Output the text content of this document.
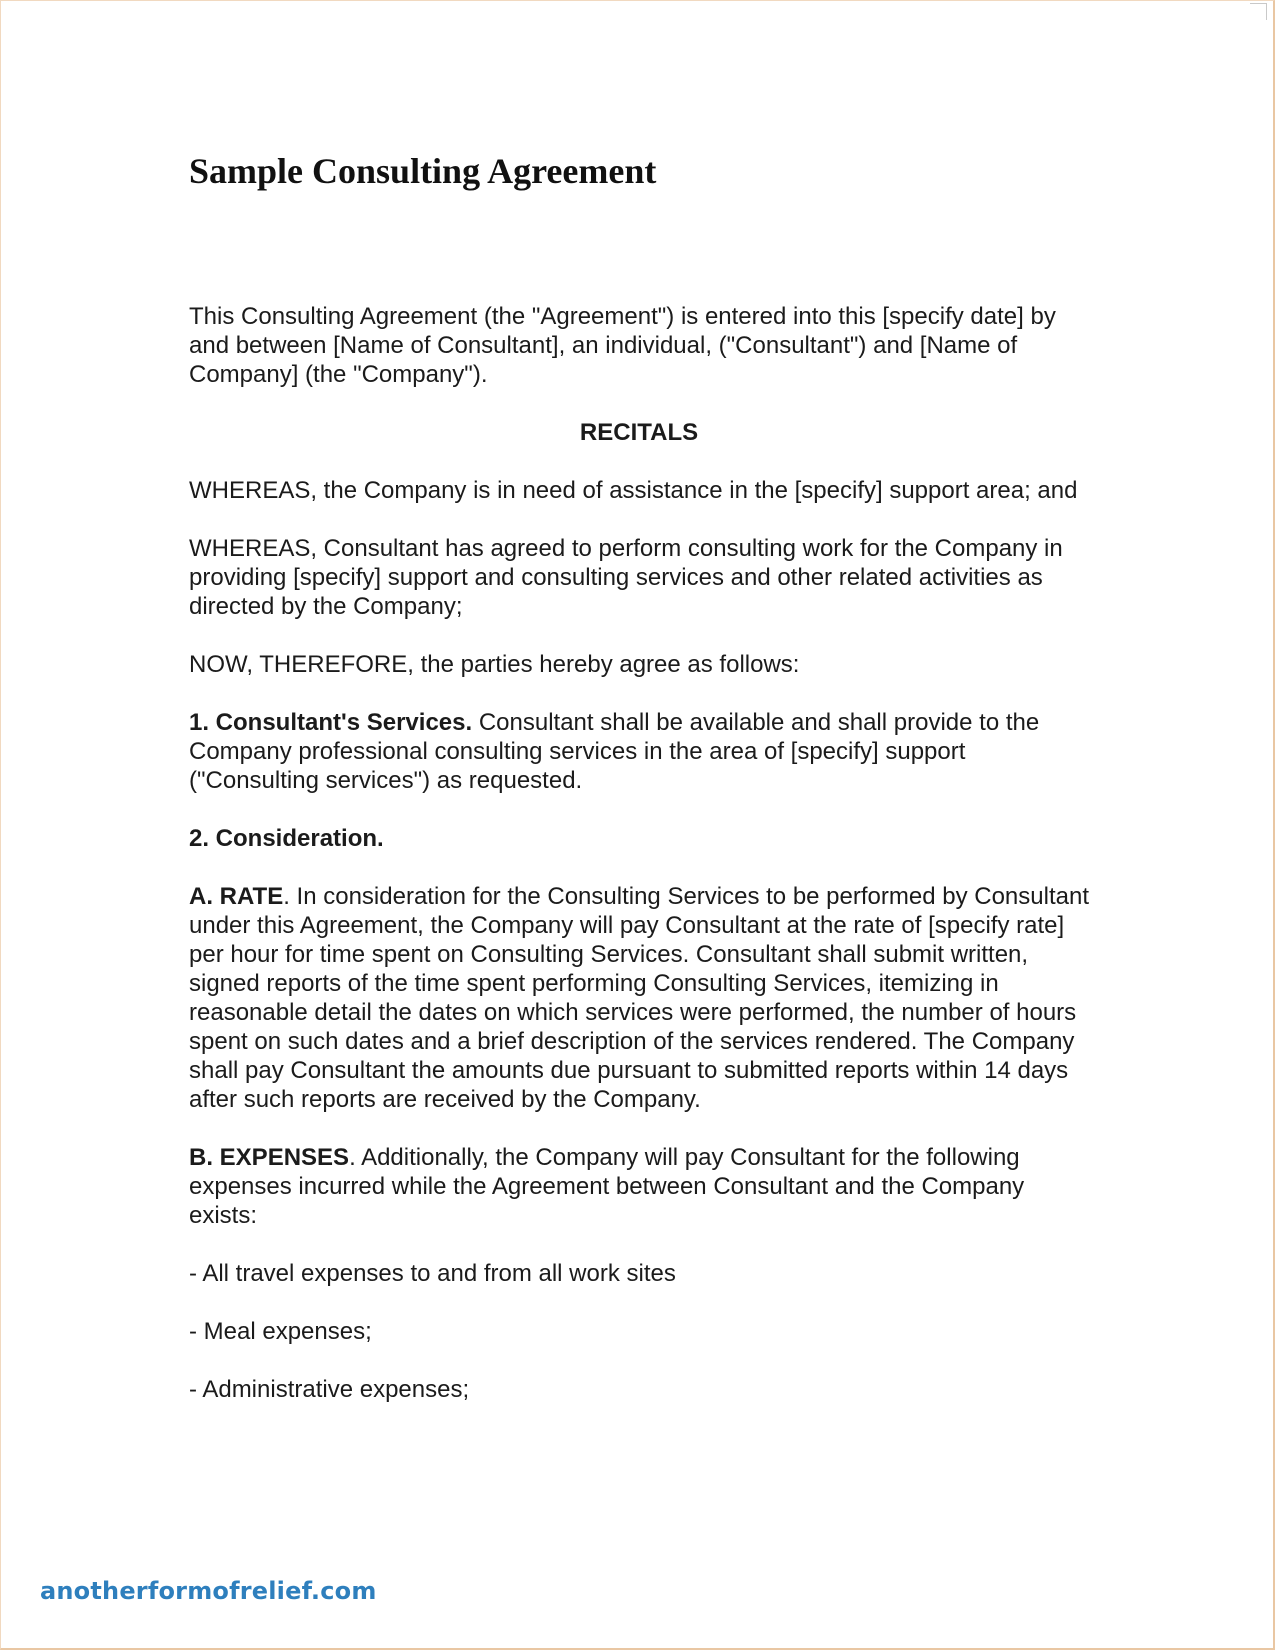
Sample Consulting Agreement

This Consulting Agreement (the "Agreement") is entered into this [specify date] by and between [Name of Consultant], an individual, ("Consultant") and [Name of Company] (the "Company").

RECITALS

WHEREAS, the Company is in need of assistance in the [specify] support area; and

WHEREAS, Consultant has agreed to perform consulting work for the Company in providing [specify] support and consulting services and other related activities as directed by the Company;

NOW, THEREFORE, the parties hereby agree as follows:

1. Consultant's Services. Consultant shall be available and shall provide to the Company professional consulting services in the area of [specify] support ("Consulting services") as requested.

2. Consideration.

A. RATE. In consideration for the Consulting Services to be performed by Consultant under this Agreement, the Company will pay Consultant at the rate of [specify rate] per hour for time spent on Consulting Services. Consultant shall submit written, signed reports of the time spent performing Consulting Services, itemizing in reasonable detail the dates on which services were performed, the number of hours spent on such dates and a brief description of the services rendered. The Company shall pay Consultant the amounts due pursuant to submitted reports within 14 days after such reports are received by the Company.

B. EXPENSES. Additionally, the Company will pay Consultant for the following expenses incurred while the Agreement between Consultant and the Company exists:

- All travel expenses to and from all work sites

- Meal expenses;

- Administrative expenses;

anotherformofrelief.com
